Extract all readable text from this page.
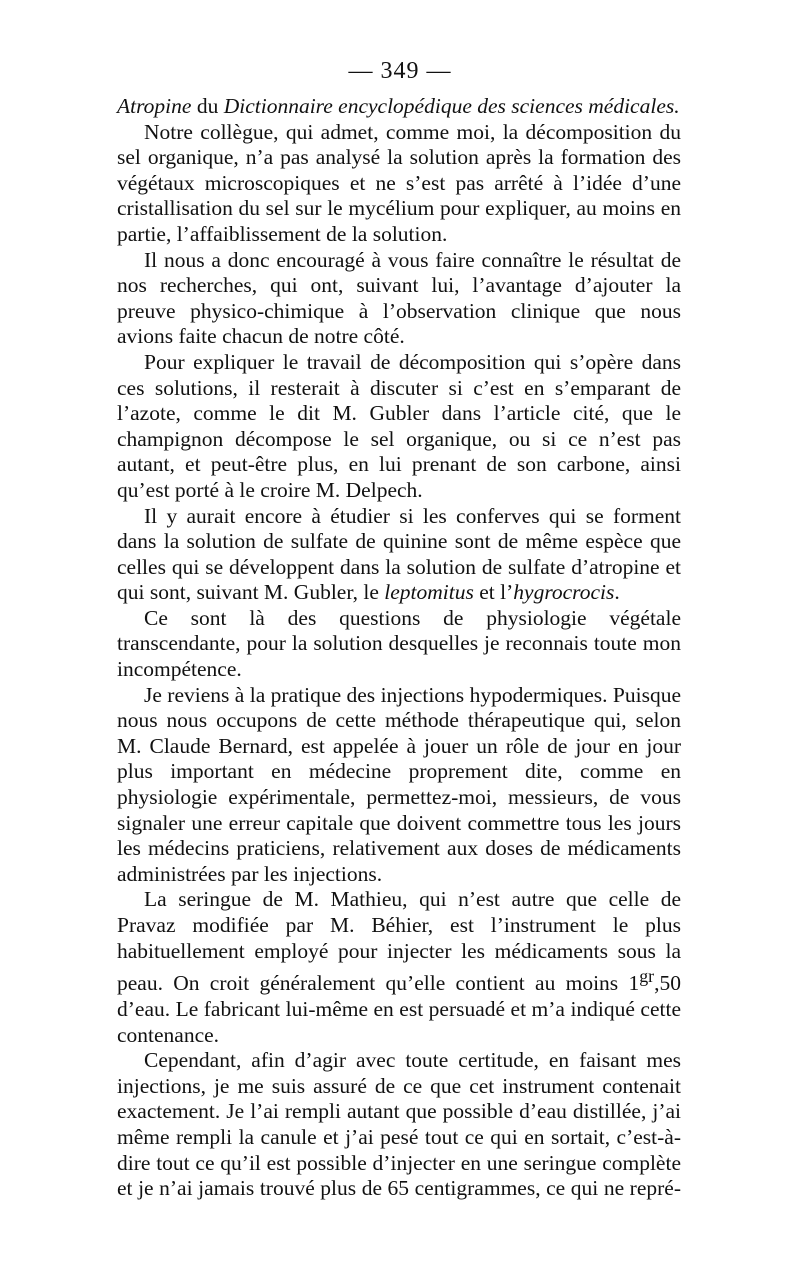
— 349 —

Atropine du Dictionnaire encyclopédique des sciences médicales.

Notre collègue, qui admet, comme moi, la décomposition du sel organique, n’a pas analysé la solution après la formation des végétaux microscopiques et ne s’est pas arrêté à l’idée d’une cristallisation du sel sur le mycélium pour expliquer, au moins en partie, l’affaiblissement de la solution.

Il nous a donc encouragé à vous faire connaître le résultat de nos recherches, qui ont, suivant lui, l’avantage d’ajouter la preuve physico-chimique à l’observation clinique que nous avions faite chacun de notre côté.

Pour expliquer le travail de décomposition qui s’opère dans ces solutions, il resterait à discuter si c’est en s’emparant de l’azote, comme le dit M. Gubler dans l’article cité, que le champignon décompose le sel organique, ou si ce n’est pas autant, et peut-être plus, en lui prenant de son carbone, ainsi qu’est porté à le croire M. Delpech.

Il y aurait encore à étudier si les conferves qui se forment dans la solution de sulfate de quinine sont de même espèce que celles qui se développent dans la solution de sulfate d’atropine et qui sont, suivant M. Gubler, le leptomitus et l’hygrocrocis.

Ce sont là des questions de physiologie végétale transcendante, pour la solution desquelles je reconnais toute mon incompétence.

Je reviens à la pratique des injections hypodermiques. Puisque nous nous occupons de cette méthode thérapeutique qui, selon M. Claude Bernard, est appelée à jouer un rôle de jour en jour plus important en médecine proprement dite, comme en physiologie expérimentale, permettez-moi, messieurs, de vous signaler une erreur capitale que doivent commettre tous les jours les médecins praticiens, relativement aux doses de médicaments administrées par les injections.

La seringue de M. Mathieu, qui n’est autre que celle de Pravaz modifiée par M. Béhier, est l’instrument le plus habituellement employé pour injecter les médicaments sous la peau. On croit généralement qu’elle contient au moins $1^{gr},50$ d’eau. Le fabricant lui-même en est persuadé et m’a indiqué cette contenance.

Cependant, afin d’agir avec toute certitude, en faisant mes injections, je me suis assuré de ce que cet instrument contenait exactement. Je l’ai rempli autant que possible d’eau distillée, j’ai même rempli la canule et j’ai pesé tout ce qui en sortait, c’est-à-dire tout ce qu’il est possible d’injecter en une seringue complète et je n’ai jamais trouvé plus de 65 centigrammes, ce qui ne repré-
